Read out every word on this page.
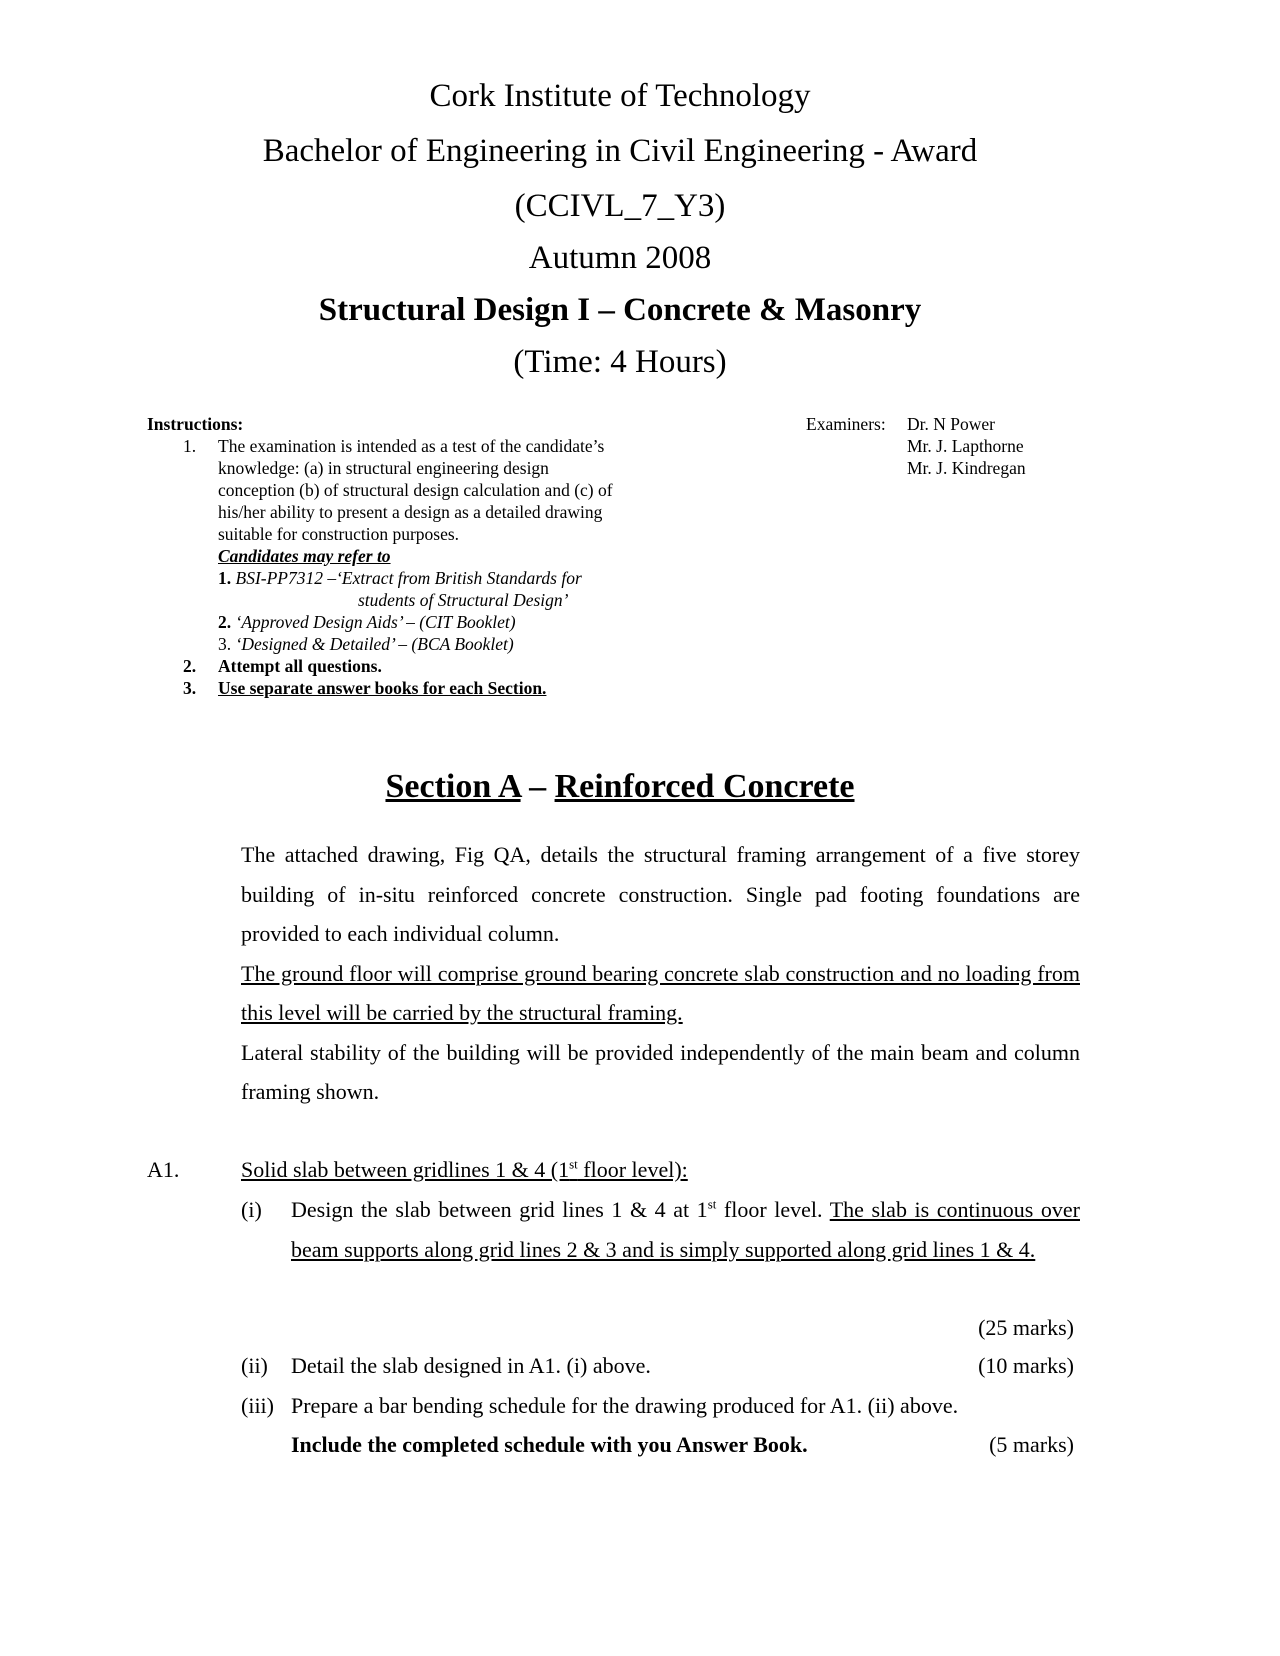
Cork Institute of Technology
Bachelor of Engineering in Civil Engineering - Award
(CCIVL_7_Y3)
Autumn 2008
Structural Design I – Concrete & Masonry
(Time: 4 Hours)
Instructions:
1. The examination is intended as a test of the candidate’s
knowledge: (a) in structural engineering design
conception (b) of structural design calculation and (c) of
his/her ability to present a design as a detailed drawing
suitable for construction purposes.
Candidates may refer to
1. BSI-PP7312 –‘Extract from British Standards for
students of Structural Design’
2. ‘Approved Design Aids’ – (CIT Booklet)
3. ‘Designed & Detailed’ – (BCA Booklet)
2. Attempt all questions.
3. Use separate answer books for each Section.
Examiners: Dr. N Power
Mr. J. Lapthorne
Mr. J. Kindregan
Section A – Reinforced Concrete
The attached drawing, Fig QA, details the structural framing arrangement of a five storey building of in-situ reinforced concrete construction. Single pad footing foundations are provided to each individual column.
The ground floor will comprise ground bearing concrete slab construction and no loading from this level will be carried by the structural framing.
Lateral stability of the building will be provided independently of the main beam and column framing shown.
A1.	Solid slab between gridlines 1 & 4 (1st floor level):
(i) Design the slab between grid lines 1 & 4 at 1st floor level. The slab is continuous over beam supports along grid lines 2 & 3 and is simply supported along grid lines 1 & 4.
(25 marks)
(ii) Detail the slab designed in A1. (i) above.	(10 marks)
(iii) Prepare a bar bending schedule for the drawing produced for A1. (ii) above.
Include the completed schedule with you Answer Book.	(5 marks)
